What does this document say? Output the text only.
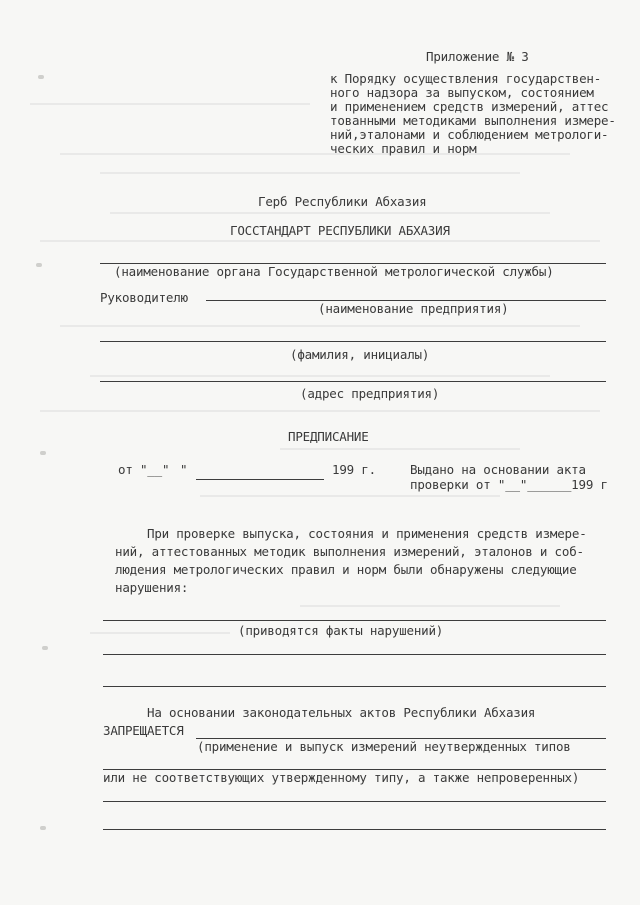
Приложение № 3
к Порядку осуществления государствен-
ного надзора за выпуском, состоянием
и применением средств измерений, аттес
тованными методиками выполнения измере-
ний,эталонами и соблюдением метрологи-
ческих правил и норм
Герб Республики Абхазия
ГОССТАНДАРТ РЕСПУБЛИКИ АБХАЗИЯ
(наименование органа Государственной метрологической службы)
Руководителю
(наименование предприятия)
(фамилия, инициалы)
(адрес предприятия)
ПРЕДПИСАНИЕ
от "__" "	199 г.	Выдано на основании акта
проверки от "__"______199 г
При проверке выпуска, состояния и применения средств измере-
ний, аттестованных методик выполнения измерений, эталонов и соб-
людения метрологических правил и норм были обнаружены следующие
нарушения:
(приводятся факты нарушений)
На основании законодательных актов Республики Абхазия
ЗАПРЕЩАЕТСЯ
(применение и выпуск измерений неутвержденных типов
или не соответствующих утвержденному типу, а также непроверенных)
